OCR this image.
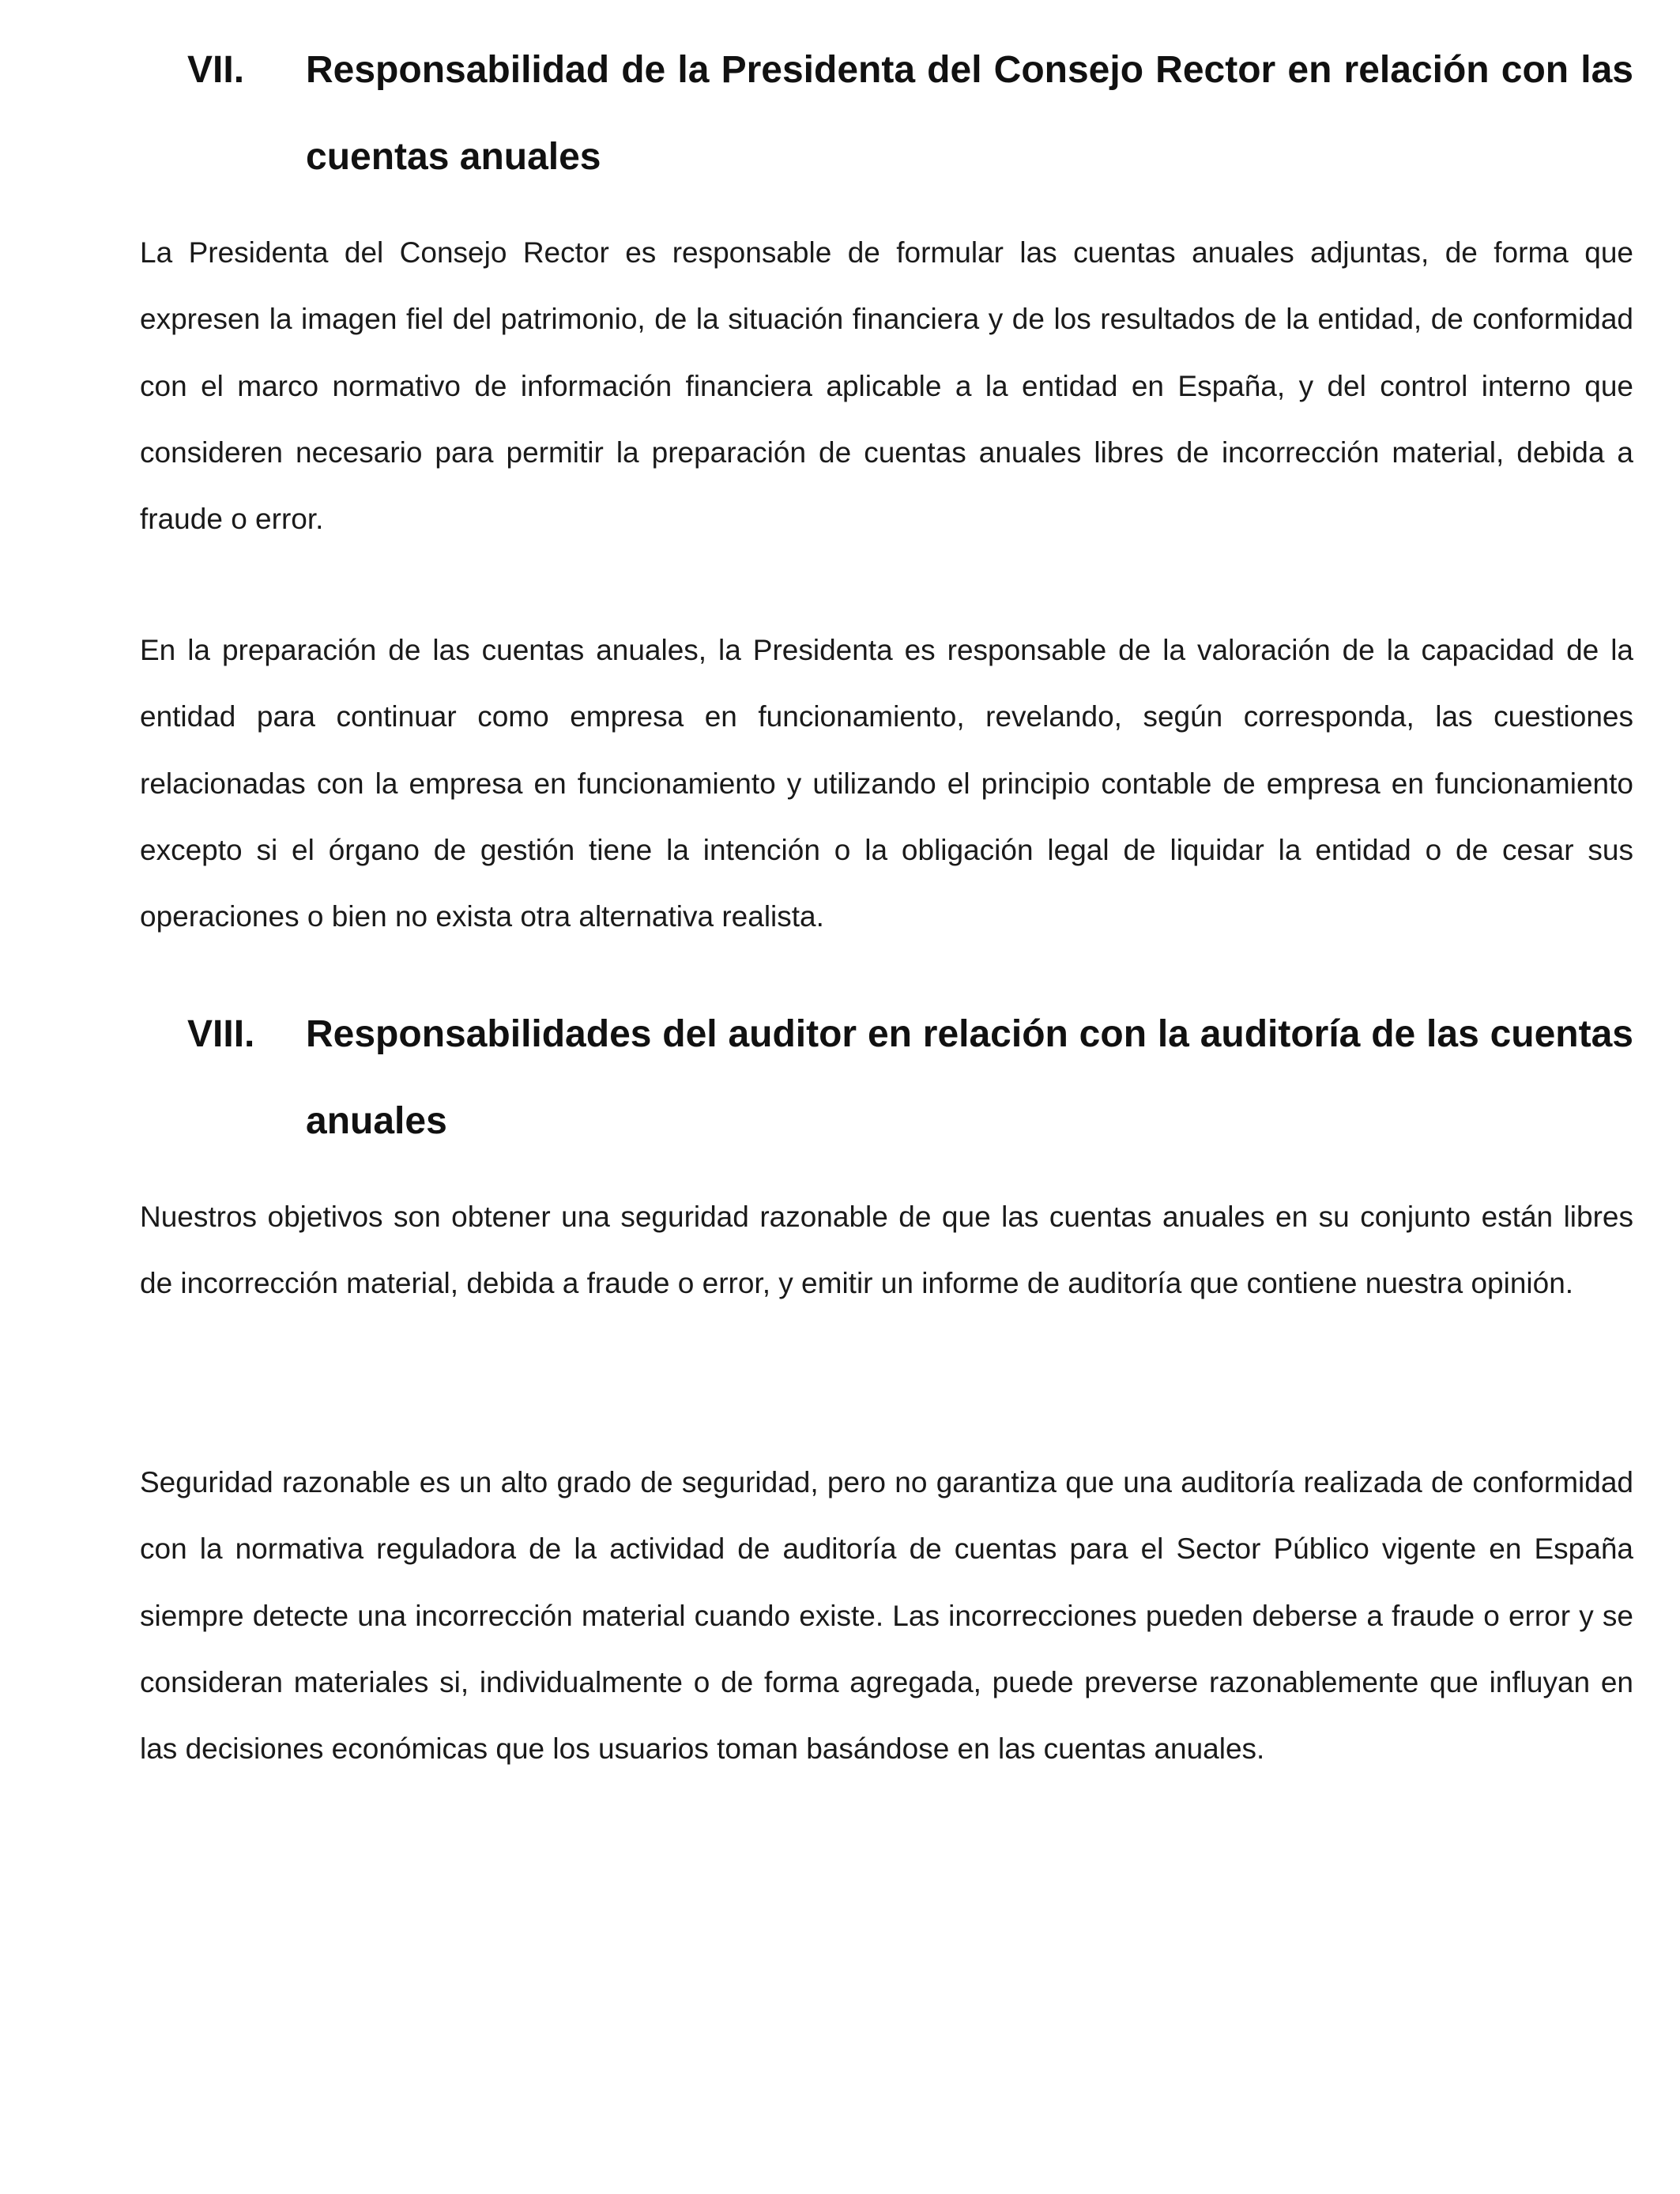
VII. Responsabilidad de la Presidenta del Consejo Rector en relación con las cuentas anuales

La Presidenta del Consejo Rector es responsable de formular las cuentas anuales adjuntas, de forma que expresen la imagen fiel del patrimonio, de la situación financiera y de los resultados de la entidad, de conformidad con el marco normativo de información financiera aplicable a la entidad en España, y del control interno que consideren necesario para permitir la preparación de cuentas anuales libres de incorrección material, debida a fraude o error.

En la preparación de las cuentas anuales, la Presidenta es responsable de la valoración de la capacidad de la entidad para continuar como empresa en funcionamiento, revelando, según corresponda, las cuestiones relacionadas con la empresa en funcionamiento y utilizando el principio contable de empresa en funcionamiento excepto si el órgano de gestión tiene la intención o la obligación legal de liquidar la entidad o de cesar sus operaciones o bien no exista otra alternativa realista.

VIII. Responsabilidades del auditor en relación con la auditoría de las cuentas anuales

Nuestros objetivos son obtener una seguridad razonable de que las cuentas anuales en su conjunto están libres de incorrección material, debida a fraude o error, y emitir un informe de auditoría que contiene nuestra opinión.

Seguridad razonable es un alto grado de seguridad, pero no garantiza que una auditoría realizada de conformidad con la normativa reguladora de la actividad de auditoría de cuentas para el Sector Público vigente en España siempre detecte una incorrección material cuando existe. Las incorrecciones pueden deberse a fraude o error y se consideran materiales si, individualmente o de forma agregada, puede preverse razonablemente que influyan en las decisiones económicas que los usuarios toman basándose en las cuentas anuales.
